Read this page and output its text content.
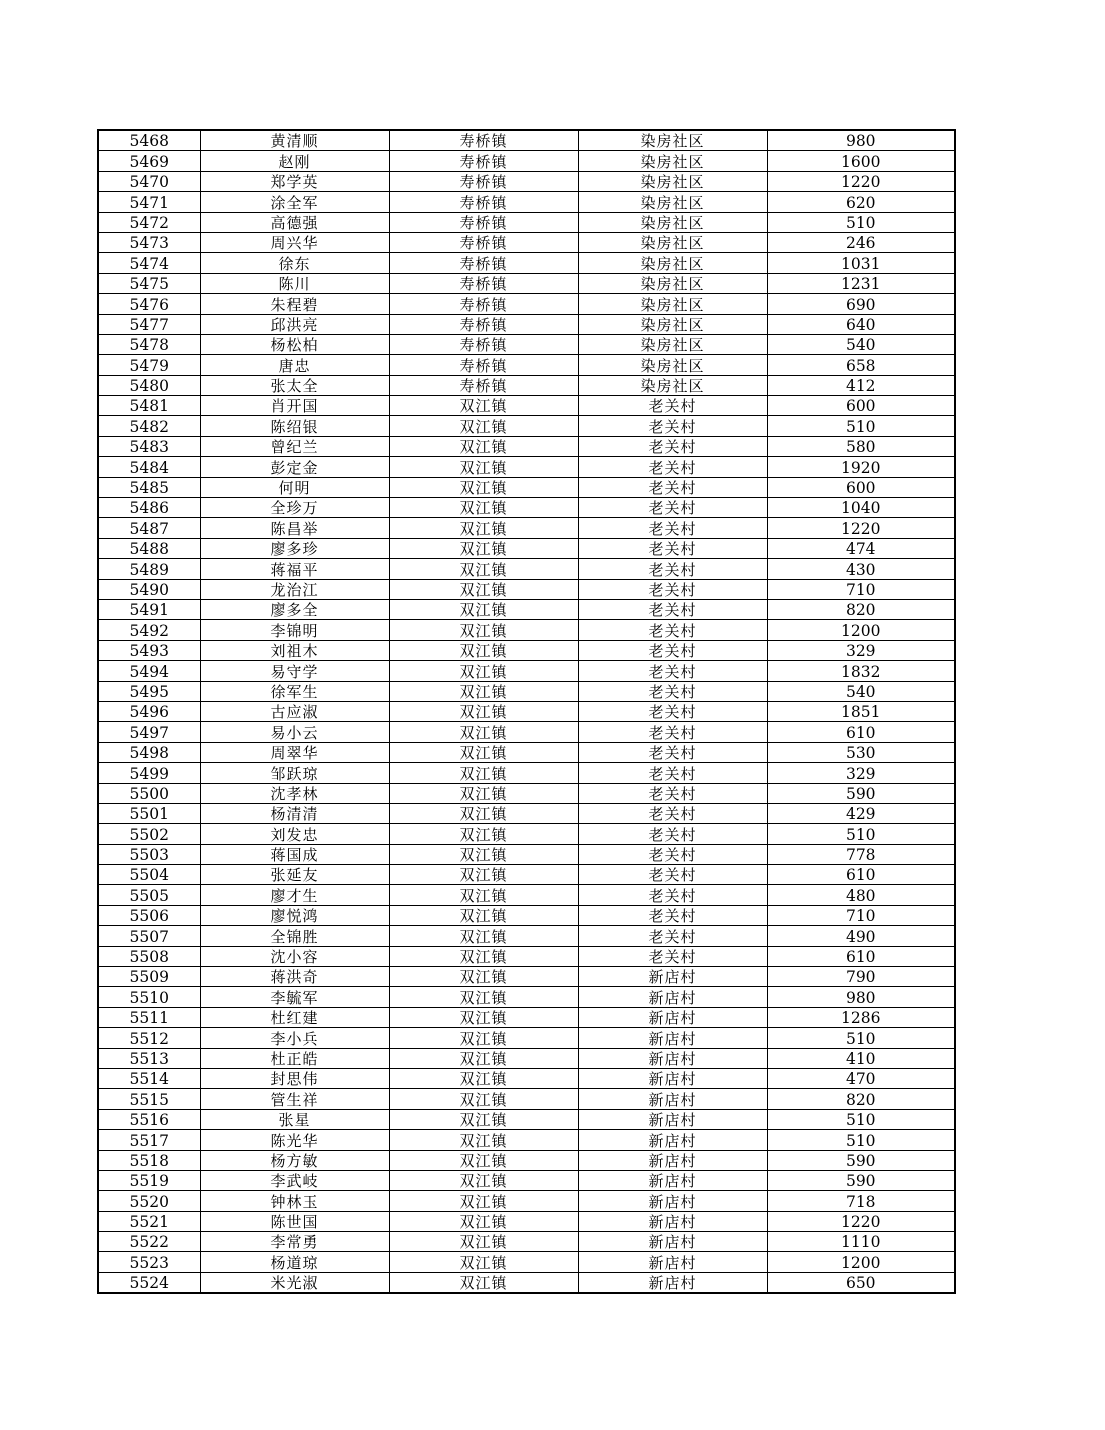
5468	黄清顺	寿桥镇	染房社区	980
5469	赵刚	寿桥镇	染房社区	1600
5470	郑学英	寿桥镇	染房社区	1220
5471	涂全军	寿桥镇	染房社区	620
5472	高德强	寿桥镇	染房社区	510
5473	周兴华	寿桥镇	染房社区	246
5474	徐东	寿桥镇	染房社区	1031
5475	陈川	寿桥镇	染房社区	1231
5476	朱程碧	寿桥镇	染房社区	690
5477	邱洪亮	寿桥镇	染房社区	640
5478	杨松柏	寿桥镇	染房社区	540
5479	唐忠	寿桥镇	染房社区	658
5480	张太全	寿桥镇	染房社区	412
5481	肖开国	双江镇	老关村	600
5482	陈绍银	双江镇	老关村	510
5483	曾纪兰	双江镇	老关村	580
5484	彭定金	双江镇	老关村	1920
5485	何明	双江镇	老关村	600
5486	全珍万	双江镇	老关村	1040
5487	陈昌举	双江镇	老关村	1220
5488	廖多珍	双江镇	老关村	474
5489	蒋福平	双江镇	老关村	430
5490	龙治江	双江镇	老关村	710
5491	廖多全	双江镇	老关村	820
5492	李锦明	双江镇	老关村	1200
5493	刘祖木	双江镇	老关村	329
5494	易守学	双江镇	老关村	1832
5495	徐军生	双江镇	老关村	540
5496	古应淑	双江镇	老关村	1851
5497	易小云	双江镇	老关村	610
5498	周翠华	双江镇	老关村	530
5499	邹跃琼	双江镇	老关村	329
5500	沈孝林	双江镇	老关村	590
5501	杨清清	双江镇	老关村	429
5502	刘发忠	双江镇	老关村	510
5503	蒋国成	双江镇	老关村	778
5504	张延友	双江镇	老关村	610
5505	廖才生	双江镇	老关村	480
5506	廖悦鸿	双江镇	老关村	710
5507	全锦胜	双江镇	老关村	490
5508	沈小容	双江镇	老关村	610
5509	蒋洪奇	双江镇	新店村	790
5510	李毓军	双江镇	新店村	980
5511	杜红建	双江镇	新店村	1286
5512	李小兵	双江镇	新店村	510
5513	杜正皓	双江镇	新店村	410
5514	封思伟	双江镇	新店村	470
5515	管生祥	双江镇	新店村	820
5516	张星	双江镇	新店村	510
5517	陈光华	双江镇	新店村	510
5518	杨方敏	双江镇	新店村	590
5519	李武岐	双江镇	新店村	590
5520	钟林玉	双江镇	新店村	718
5521	陈世国	双江镇	新店村	1220
5522	李常勇	双江镇	新店村	1110
5523	杨道琼	双江镇	新店村	1200
5524	米光淑	双江镇	新店村	650
